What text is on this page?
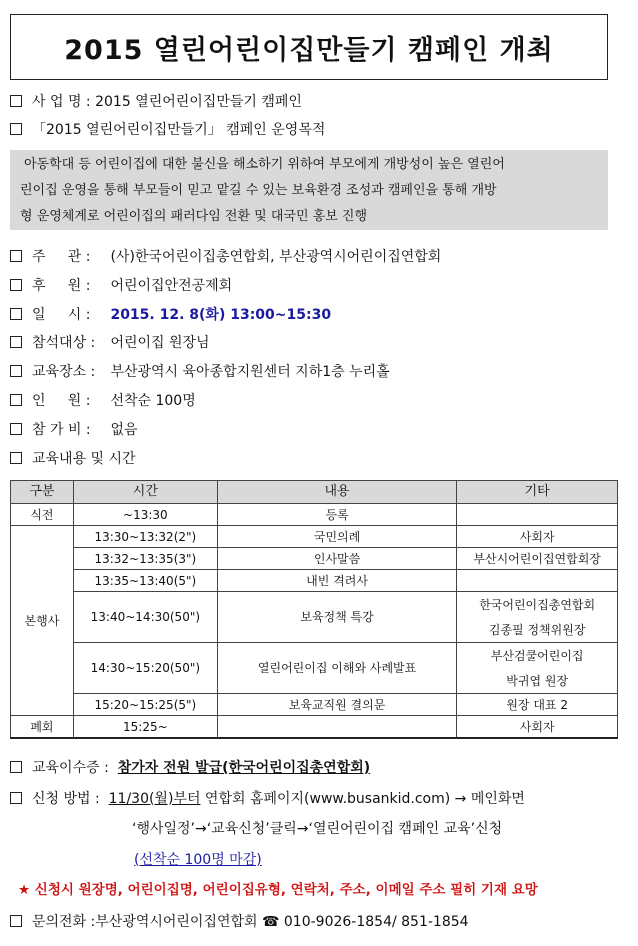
2015 열린어린이집만들기 캠페인 개최
사 업 명 : 2015 열린어린이집만들기 캠페인
「2015 열린어린이집만들기」 캠페인 운영목적
아동학대 등 어린이집에 대한 불신을 해소하기 위하여 부모에게 개방성이 높은 열린어
린이집 운영을 통해 부모들이 믿고 맡길 수 있는 보육환경 조성과 캠페인을 통해 개방
형 운영체계로 어린이집의 패러다임 전환 및 대국민 홍보 진행
주     관 : (사)한국어린이집총연합회, 부산광역시어린이집연합회
후     원 : 어린이집안전공제회
일     시 : 2015. 12. 8(화) 13:00~15:30
참석대상 : 어린이집 원장님
교육장소 : 부산광역시 육아종합지원센터 지하1층 누리홀
인     원 : 선착순 100명
참 가 비 : 없음
교육내용 및 시간
구분	시간	내용	기타
식전	~13:30	등록	
본행사	13:30~13:32(2")	국민의례	사회자
	13:32~13:35(3")	인사말씀	부산시어린이집연합회장
	13:35~13:40(5")	내빈 격려사	
	13:40~14:30(50")	보육정책 특강	한국어린이집총연합회
			김종필 정책위원장
	14:30~15:20(50")	열린어린이집 이해와 사례발표	부산검쿨어린이집
			박귀엽 원장
	15:20~15:25(5")	보육교직원 결의문	원장 대표 2
폐회	15:25~		사회자
교육이수증 : 참가자 전원 발급(한국어린이집총연합회)
신청 방법 : 11/30(월)부터 연합회 홈페이지(www.busankid.com) → 메인화면
‘행사일정’→‘교육신청’클릭→‘열린어린이집 캠페인 교육’신청
(선착순 100명 마감)
★ 신청시 원장명, 어린이집명, 어린이집유형, 연락처, 주소, 이메일 주소 필히 기재 요망
문의전화 :부산광역시어린이집연합회 ☎ 010-9026-1854/ 851-1854
